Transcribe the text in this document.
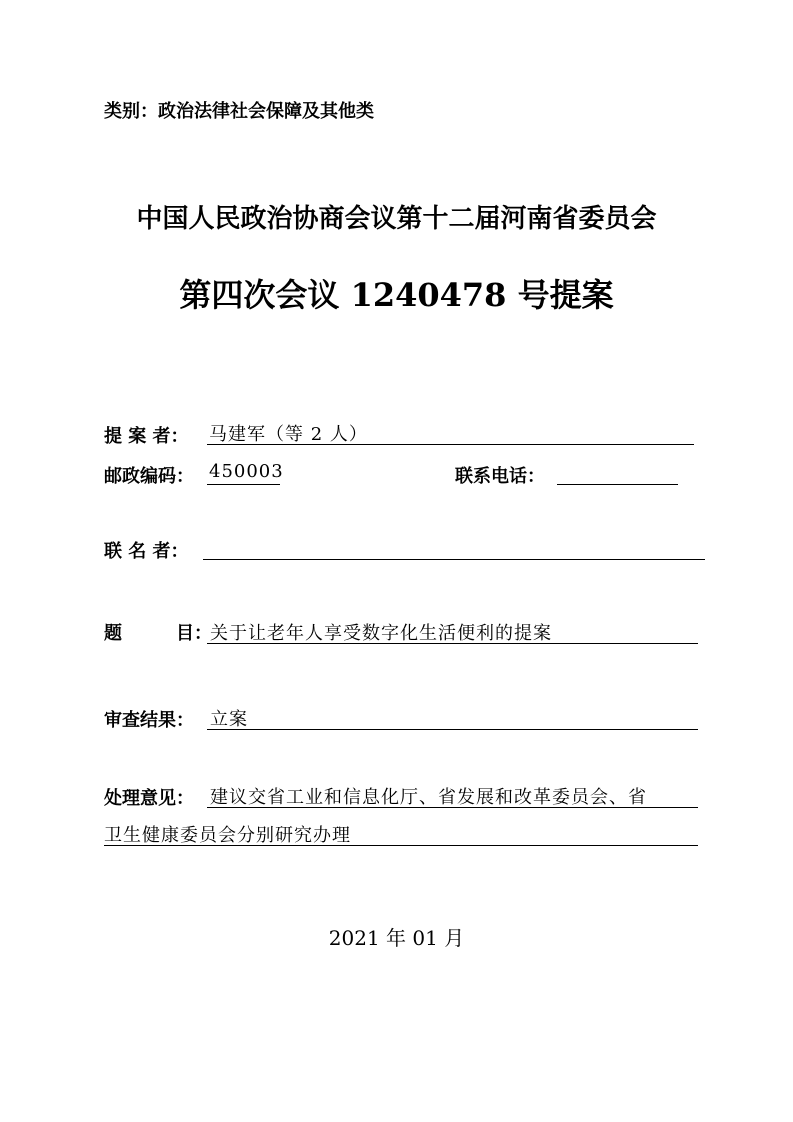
类别：政治法律社会保障及其他类
中国人民政治协商会议第十二届河南省委员会
第四次会议 1240478 号提案
提 案 者： 马建军（等 2 人）
邮政编码： 450003	联系电话：
联 名 者：
题	目：
关于让老年人享受数字化生活便利的提案
审查结果： 立案
处理意见： 建议交省工业和信息化厅、省发展和改革委员会、省
卫生健康委员会分别研究办理
2021 年 01 月
